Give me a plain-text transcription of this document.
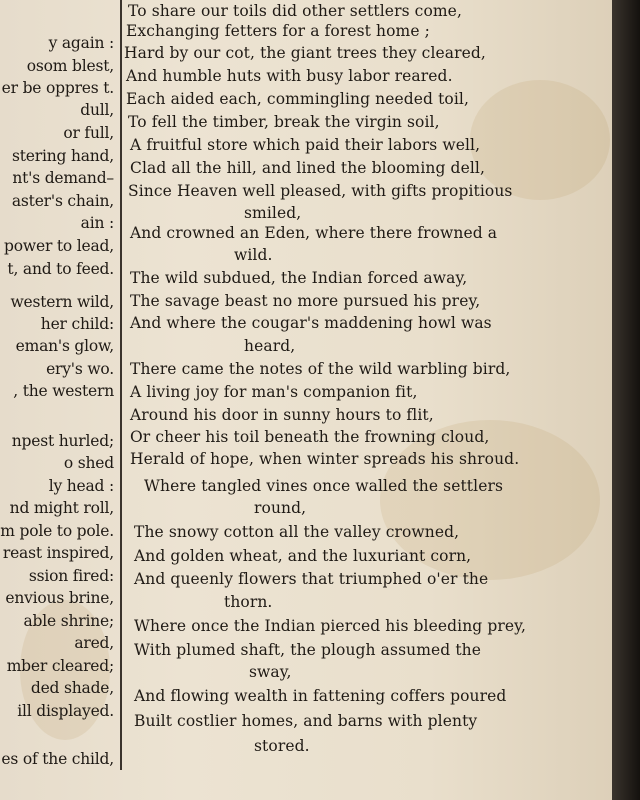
y again :
osom blest,
er be oppres t.
dull,
or full,
stering hand,
nt's demand–
aster's chain,
ain :
power to lead,
t, and to feed.
western wild,
her child:
eman's glow,
ery's wo.
, the western
npest hurled;
o shed
ly head :
nd might roll,
m pole to pole.
reast inspired,
ssion fired:
envious brine,
able shrine;
ared,
mber cleared;
ded shade,
ill displayed.
es of the child,
To share our toils did other settlers come,
Exchanging fetters for a forest home ;
Hard by our cot, the giant trees they cleared,
And humble huts with busy labor reared.
Each aided each, commingling needed toil,
To fell the timber, break the virgin soil,
A fruitful store which paid their labors well,
Clad all the hill, and lined the blooming dell,
Since Heaven well pleased, with gifts propitious
smiled,
And crowned an Eden, where there frowned a
wild.
The wild subdued, the Indian forced away,
The savage beast no more pursued his prey,
And where the cougar's maddening howl was
heard,
There came the notes of the wild warbling bird,
A living joy for man's companion fit,
Around his door in sunny hours to flit,
Or cheer his toil beneath the frowning cloud,
Herald of hope, when winter spreads his shroud.
Where tangled vines once walled the settlers
round,
The snowy cotton all the valley crowned,
And golden wheat, and the luxuriant corn,
And queenly flowers that triumphed o'er the
thorn.
Where once the Indian pierced his bleeding prey,
With plumed shaft, the plough assumed the
sway,
And flowing wealth in fattening coffers poured
Built costlier homes, and barns with plenty
stored.
